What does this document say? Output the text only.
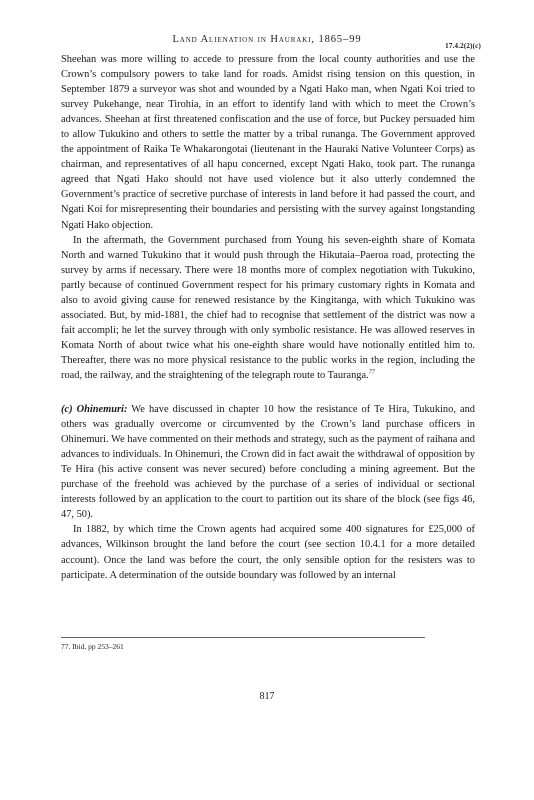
Land Alienation in Hauraki, 1865–99
17.4.2(2)(c)

Sheehan was more willing to accede to pressure from the local county authorities and use the Crown’s compulsory powers to take land for roads. Amidst rising tension on this question, in September 1879 a surveyor was shot and wounded by a Ngati Hako man, when Ngati Koi tried to survey Pukehange, near Tirohia, in an effort to identify land with which to meet the Crown’s advances. Sheehan at first threatened confiscation and the use of force, but Puckey persuaded him to allow Tukukino and others to settle the matter by a tribal runanga. The Government approved the appointment of Raika Te Whakarongotai (lieutenant in the Hauraki Native Volunteer Corps) as chairman, and representatives of all hapu concerned, except Ngati Hako, took part. The runanga agreed that Ngati Hako should not have used violence but it also utterly condemned the Government’s practice of secretive purchase of interests in land before it had passed the court, and Ngati Koi for misrepresenting their boundaries and persisting with the survey against longstanding Ngati Hako objection.

In the aftermath, the Government purchased from Young his seven-eighth share of Komata North and warned Tukukino that it would push through the Hikutaia–Paeroa road, protecting the survey by arms if necessary. There were 18 months more of complex negotiation with Tukukino, partly because of continued Government respect for his primary customary rights in Komata and also to avoid giving cause for renewed resistance by the Kingitanga, with which Tukukino was associated. But, by mid-1881, the chief had to recognise that settlement of the district was now a fait accompli; he let the survey through with only symbolic resistance. He was allowed reserves in Komata North of about twice what his one-eighth share would have notionally entitled him to. Thereafter, there was no more physical resistance to the public works in the region, including the road, the railway, and the straightening of the telegraph route to Tauranga.$^{77}$

(c) Ohinemuri: We have discussed in chapter 10 how the resistance of Te Hira, Tukukino, and others was gradually overcome or circumvented by the Crown’s land purchase officers in Ohinemuri. We have commented on their methods and strategy, such as the payment of raihana and advances to individuals. In Ohinemuri, the Crown did in fact await the withdrawal of opposition by Te Hira (his active consent was never secured) before concluding a mining agreement. But the purchase of the freehold was achieved by the purchase of a series of individual or sectional interests followed by an application to the court to partition out its share of the block (see figs 46, 47, 50).

In 1882, by which time the Crown agents had acquired some 400 signatures for £25,000 of advances, Wilkinson brought the land before the court (see section 10.4.1 for a more detailed account). Once the land was before the court, the only sensible option for the resisters was to participate. A determination of the outside boundary was followed by an internal

77. Ibid, pp 253–261
817
